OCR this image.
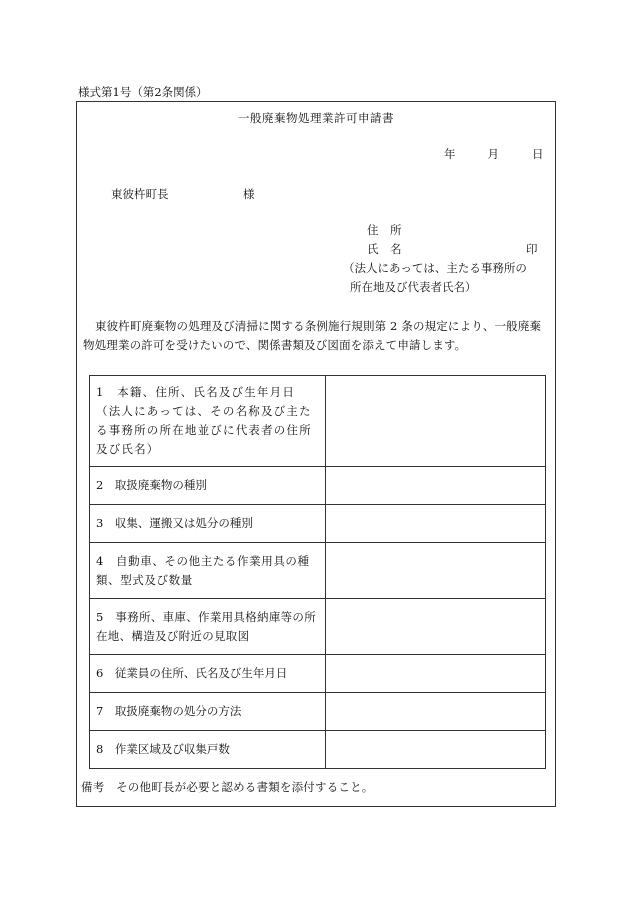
様式第1号（第2条関係）
一般廃棄物処理業許可申請書
年	月	日
東彼杵町長	様
住　所
氏　名	印
（法人にあっては、主たる事務所の
所在地及び代表者氏名）
東彼杵町廃棄物の処理及び清掃に関する条例施行規則第 2 条の規定により、一般廃棄物処理業の許可を受けたいので、関係書類及び図面を添えて申請します。
1　本籍、住所、氏名及び生年月日（法人にあっては、その名称及び主たる事務所の所在地並びに代表者の住所及び氏名）	
2　取扱廃棄物の種別	
3　収集、運搬又は処分の種別	
4　自動車、その他主たる作業用具の種類、型式及び数量	
5　事務所、車庫、作業用具格納庫等の所在地、構造及び附近の見取図	
6　従業員の住所、氏名及び生年月日	
7　取扱廃棄物の処分の方法	
8　作業区域及び収集戸数	
備考　その他町長が必要と認める書類を添付すること。
